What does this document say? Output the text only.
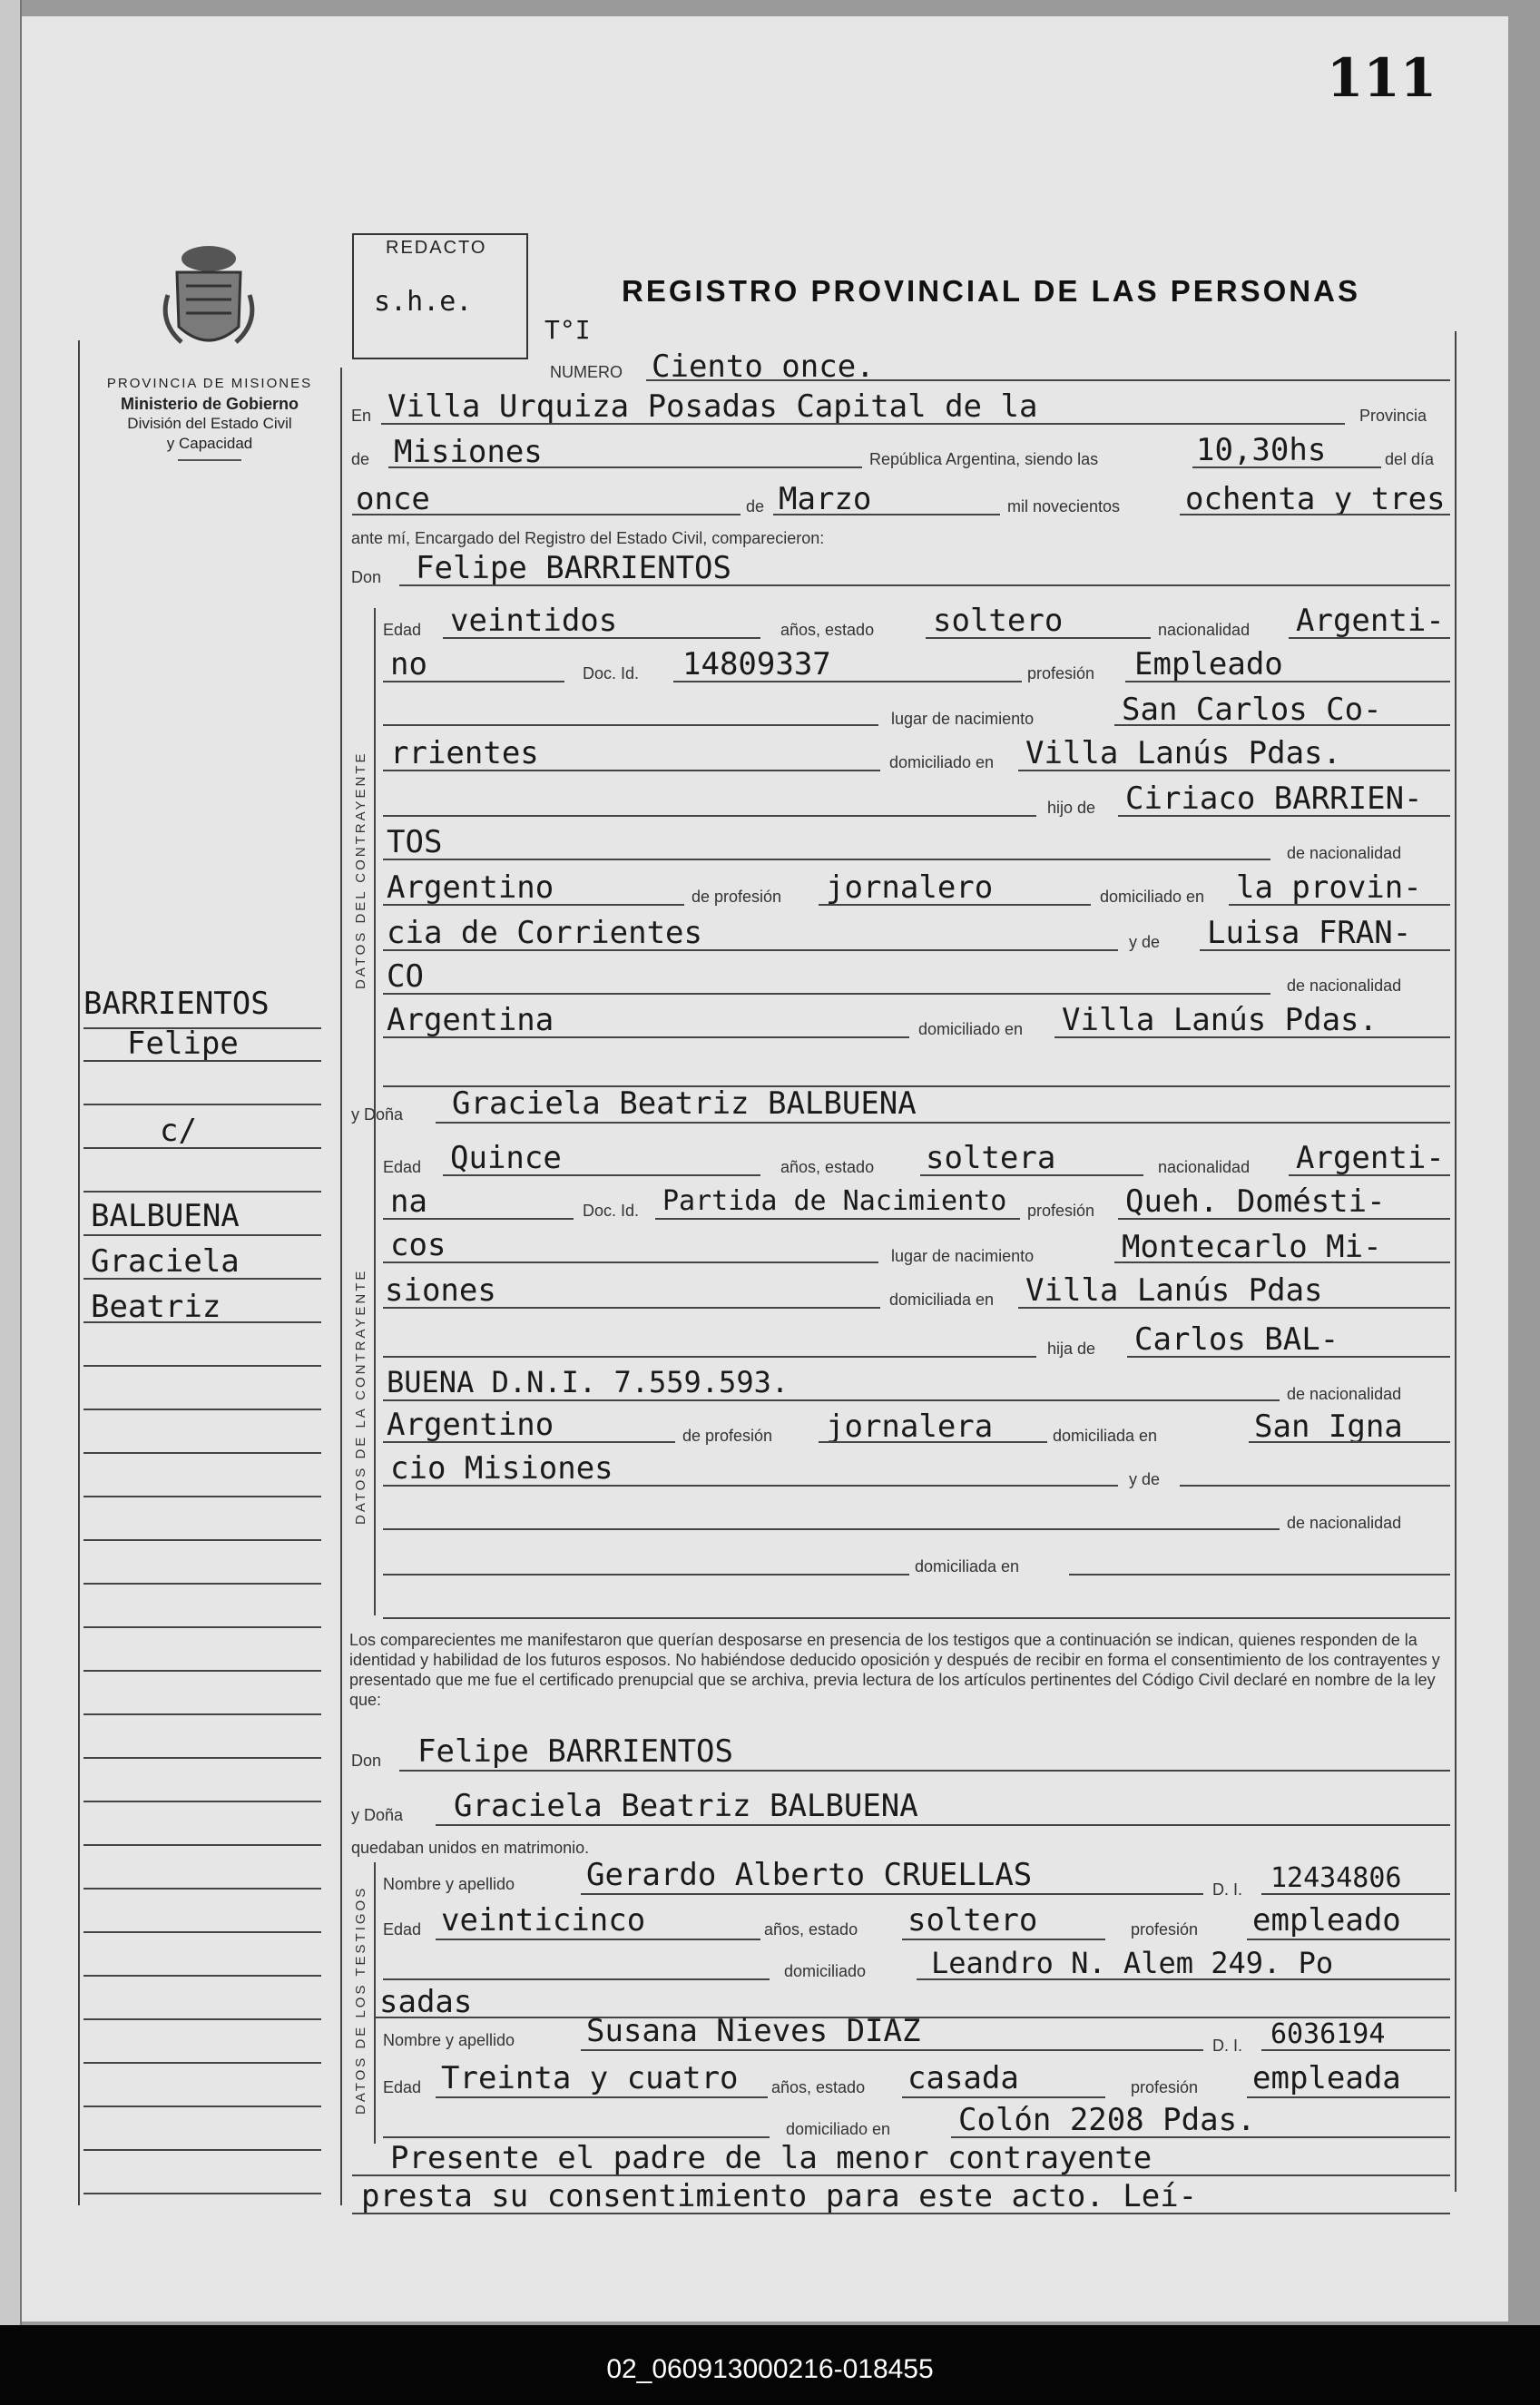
111
PROVINCIA DE MISIONES
Ministerio de Gobierno
División del Estado Civil
y Capacidad
REDACTO
s.h.e.	REGISTRO PROVINCIAL DE LAS PERSONAS
T°I
NUMERO Ciento once.
En Villa Urquiza Posadas Capital de la	Provincia
de Misiones	República Argentina, siendo las	10,30hs	del día
once	de Marzo	mil novecientos ochenta y tres
ante mí, Encargado del Registro del Estado Civil, comparecieron:
Don Felipe BARRIENTOS
DATOS DEL CONTRAYENTE
Edad veintidos	años, estado soltero	nacionalidad Argenti-
no	Doc. Id. 14809337	profesión Empleado
lugar de nacimiento	San Carlos Co-
rrientes	domiciliado en Villa Lanús Pdas.
hijo de Ciriaco BARRIEN-
TOS	de nacionalidad
Argentino	de profesión jornalero	domiciliado en la provin-
cia de Corrientes	y de Luisa FRAN-
CO	de nacionalidad
Argentina	domiciliado en Villa Lanús Pdas.
y Doña Graciela Beatriz BALBUENA
DATOS DE LA CONTRAYENTE
Edad Quince	años, estado soltera	nacionalidad Argenti-
na	Doc. Id. Partida de Nacimiento profesión Queh. Domésti-
cos	lugar de nacimiento	Montecarlo Mi-
siones	domiciliada en Villa Lanús Pdas
hija de Carlos BAL-
BUENA D.N.I. 7.559.593.	de nacionalidad
Argentino	de profesión jornalera	domiciliada en	San Igna
cio Misiones	y de
de nacionalidad
domiciliada en
Los comparecientes me manifestaron que querían desposarse en presencia de los testigos que a continuación se indican, quienes responden de la identidad y habilidad de los futuros esposos. No habiéndose deducido oposición y después de recibir en forma el consentimiento de los contrayentes y presentado que me fue el certificado prenupcial que se archiva, previa lectura de los artículos pertinentes del Código Civil declaré en nombre de la ley que:
Don Felipe BARRIENTOS
y Doña Graciela Beatriz BALBUENA
quedaban unidos en matrimonio.
DATOS DE LOS TESTIGOS
Nombre y apellido Gerardo Alberto CRUELLAS	D. I. 12434806
Edad veinticinco	años, estado soltero	profesión empleado
domiciliado Leandro N. Alem 249. Po
sadas
Nombre y apellido Susana Nieves DIAZ	D. I. 6036194
Edad Treinta y cuatro años, estado casada	profesión empleada
domiciliado en Colón 2208 Pdas.
Presente el padre de la menor contrayente
presta su consentimiento para este acto. Leí-
BARRIENTOS
Felipe
c/
BALBUENA
Graciela
Beatriz
02_060913000216-018455
